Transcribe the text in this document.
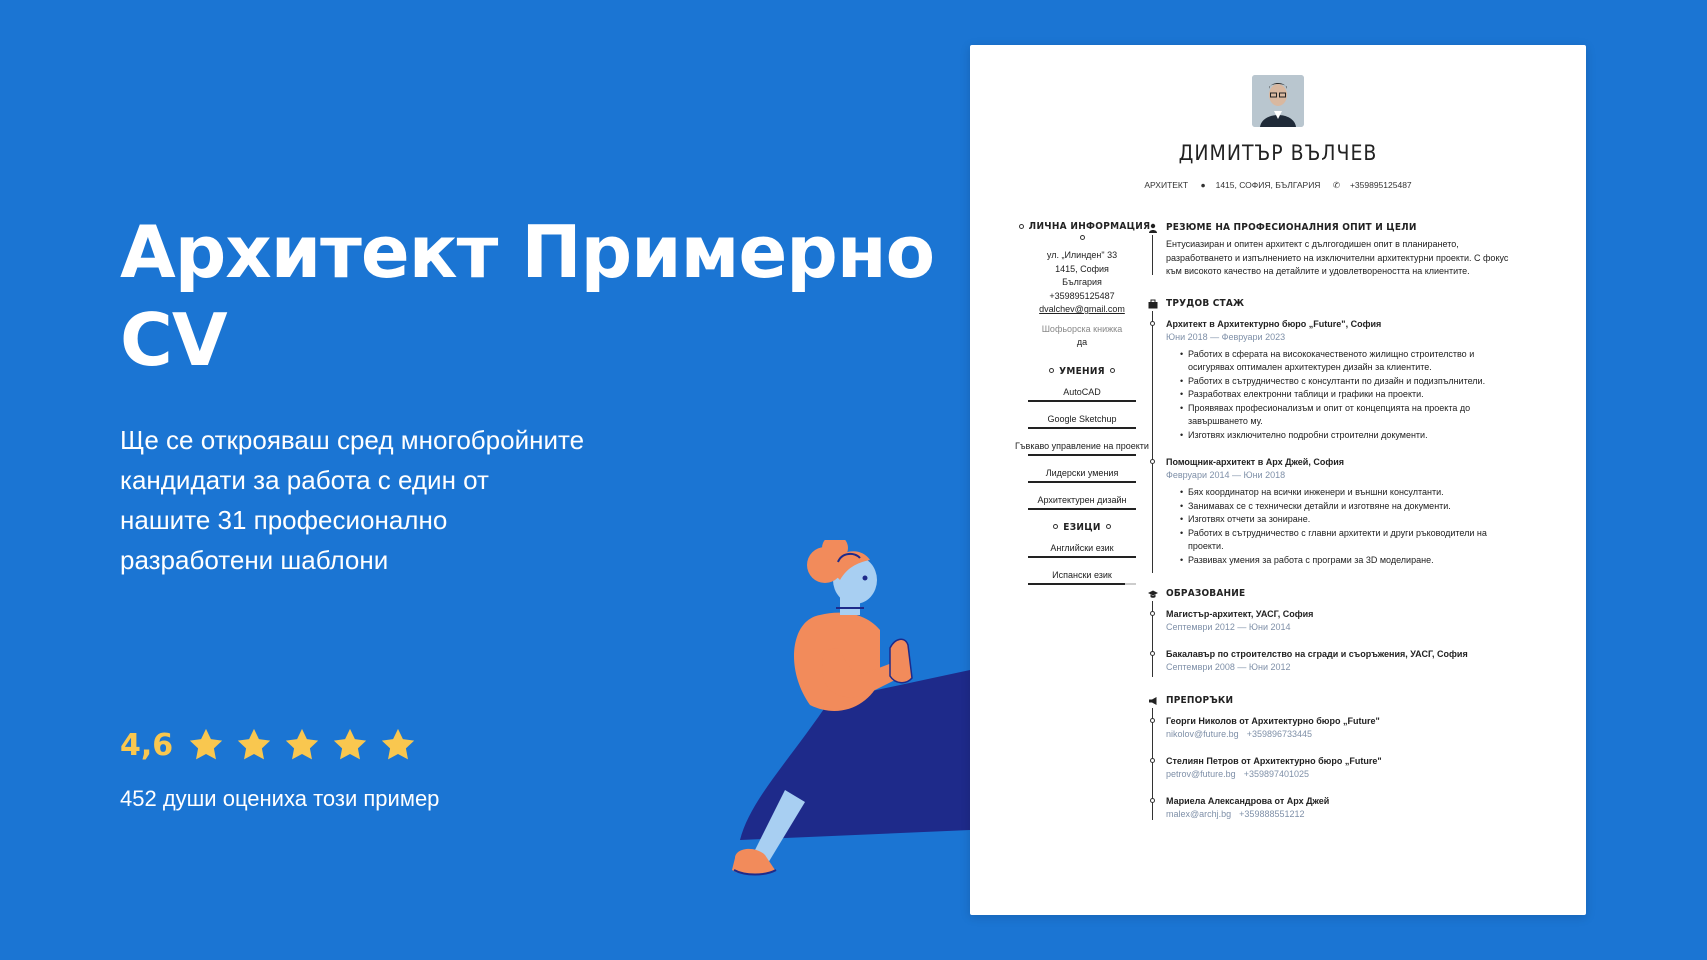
Архитект Примерно
CV

Ще се открояваш сред многобройните
кандидати за работа с един от
нашите 31 професионално
разработени шаблони

4,6
452 души оцениха този пример
ДИМИТЪР ВЪЛЧЕВ
АРХИТЕКТ ● 1415, СОФИЯ, БЪЛГАРИЯ ✆ +359895125487
ЛИЧНА ИНФОРМАЦИЯ
ул. „Илинден" 33
1415, София
България
+359895125487
dvalchev@gmail.com
Шофьорска книжка
да
УМЕНИЯ
AutoCAD
Google Sketchup
Гъвкаво управление на проекти
Лидерски умения
Архитектурен дизайн
ЕЗИЦИ
Английски език
Испански език
РЕЗЮМЕ НА ПРОФЕСИОНАЛНИЯ ОПИТ И ЦЕЛИ
Ентусиазиран и опитен архитект с дългогодишен опит в планирането,
разработването и изпълнението на изключителни архитектурни проекти. С фокус
към високото качество на детайлите и удовлетвореността на клиентите.
ТРУДОВ СТАЖ
Архитект в Архитектурно бюро „Future", София
Юни 2018 — Февруари 2023
• Работих в сферата на висококачественото жилищно строителство и
осигурявах оптимален архитектурен дизайн за клиентите.
• Работих в сътрудничество с консултанти по дизайн и подизпълнители.
• Разработвах електронни таблици и графики на проекти.
• Проявявах професионализъм и опит от концепцията на проекта до
завършването му.
• Изготвях изключително подробни строителни документи.
Помощник-архитект в Арх Джей, София
Февруари 2014 — Юни 2018
• Бях координатор на всички инженери и външни консултанти.
• Занимавах се с технически детайли и изготвяне на документи.
• Изготвях отчети за зониране.
• Работих в сътрудничество с главни архитекти и други ръководители на
проекти.
• Развивах умения за работа с програми за 3D моделиране.
ОБРАЗОВАНИЕ
Магистър-архитект, УАСГ, София
Септември 2012 — Юни 2014
Бакалавър по строителство на сгради и съоръжения, УАСГ, София
Септември 2008 — Юни 2012
ПРЕПОРЪКИ
Георги Николов от Архитектурно бюро „Future"
nikolov@future.bg +359896733445
Стелиян Петров от Архитектурно бюро „Future"
petrov@future.bg +359897401025
Мариела Александрова от Арх Джей
malex@archj.bg +359888551212
